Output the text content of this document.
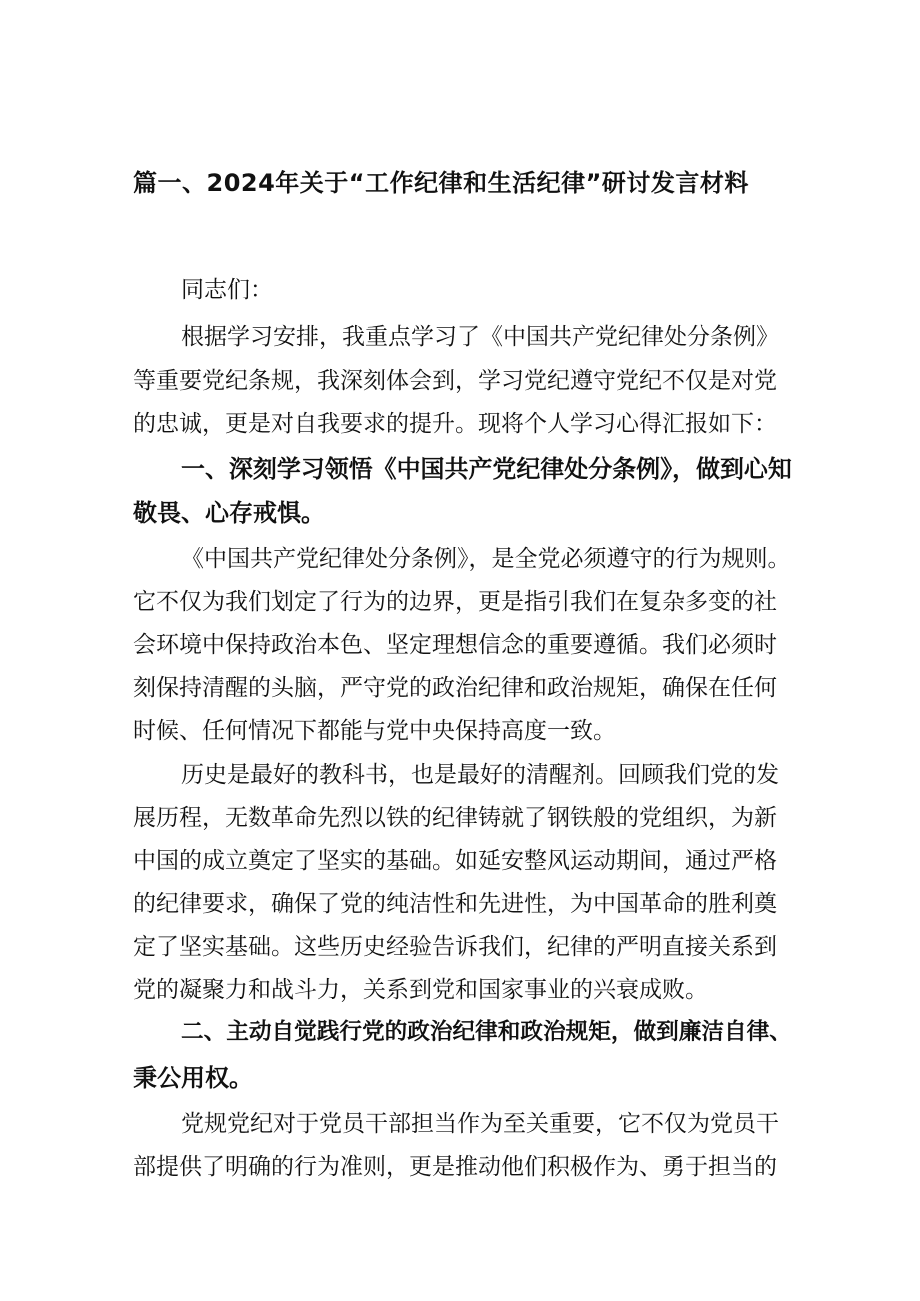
篇一、2024年关于“工作纪律和生活纪律”研讨发言材料

同志们：

根据学习安排，我重点学习了《中国共产党纪律处分条例》

等重要党纪条规，我深刻体会到，学习党纪遵守党纪不仅是对党

的忠诚，更是对自我要求的提升。现将个人学习心得汇报如下：

一、深刻学习领悟《中国共产党纪律处分条例》，做到心知

敬畏、心存戒惧。

《中国共产党纪律处分条例》，是全党必须遵守的行为规则。

它不仅为我们划定了行为的边界，更是指引我们在复杂多变的社

会环境中保持政治本色、坚定理想信念的重要遵循。我们必须时

刻保持清醒的头脑，严守党的政治纪律和政治规矩，确保在任何

时候、任何情况下都能与党中央保持高度一致。

历史是最好的教科书，也是最好的清醒剂。回顾我们党的发

展历程，无数革命先烈以铁的纪律铸就了钢铁般的党组织，为新

中国的成立奠定了坚实的基础。如延安整风运动期间，通过严格

的纪律要求，确保了党的纯洁性和先进性，为中国革命的胜利奠

定了坚实基础。这些历史经验告诉我们，纪律的严明直接关系到

党的凝聚力和战斗力，关系到党和国家事业的兴衰成败。

二、主动自觉践行党的政治纪律和政治规矩，做到廉洁自律、

秉公用权。

党规党纪对于党员干部担当作为至关重要，它不仅为党员干

部提供了明确的行为准则，更是推动他们积极作为、勇于担当的
